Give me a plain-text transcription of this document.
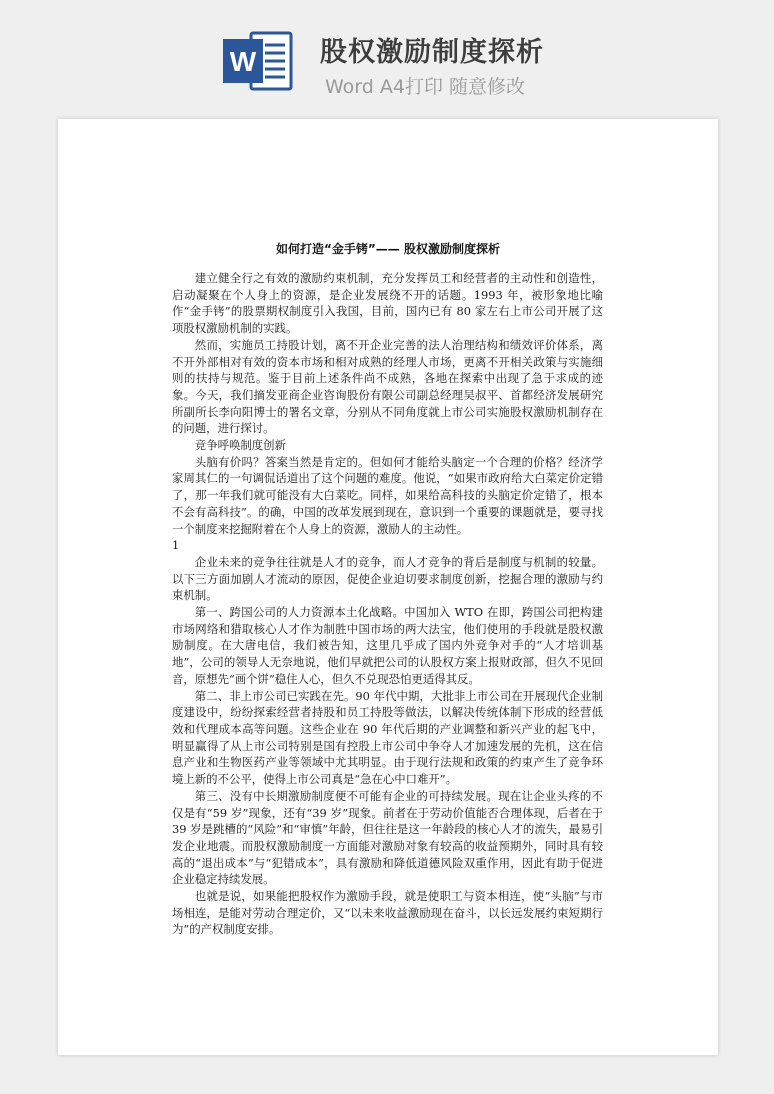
W 股权激励制度探析
Word A4打印 随意修改
如何打造“金手铐”—— 股权激励制度探析

建立健全行之有效的激励约束机制，充分发挥员工和经营者的主动性和创造性，启动凝聚在个人身上的资源，是企业发展绕不开的话题。1993 年，被形象地比喻作“金手铐”的股票期权制度引入我国，目前，国内已有 80 家左右上市公司开展了这项股权激励机制的实践。

然而，实施员工持股计划，离不开企业完善的法人治理结构和绩效评价体系，离不开外部相对有效的资本市场和相对成熟的经理人市场，更离不开相关政策与实施细则的扶持与规范。鉴于目前上述条件尚不成熟，各地在探索中出现了急于求成的迹象。今天，我们摘发亚商企业咨询股份有限公司副总经理吴叔平、首都经济发展研究所副所长李向阳博士的署名文章，分别从不同角度就上市公司实施股权激励机制存在的问题，进行探讨。

竞争呼唤制度创新

头脑有价吗？答案当然是肯定的。但如何才能给头脑定一个合理的价格？经济学家周其仁的一句调侃话道出了这个问题的难度。他说，“如果市政府给大白菜定价定错了，那一年我们就可能没有大白菜吃。同样，如果给高科技的头脑定价定错了，根本不会有高科技”。的确，中国的改革发展到现在，意识到一个重要的课题就是，要寻找一个制度来挖掘附着在个人身上的资源，激励人的主动性。

1

企业未来的竞争往往就是人才的竞争，而人才竞争的背后是制度与机制的较量。以下三方面加剧人才流动的原因，促使企业迫切要求制度创新，挖掘合理的激励与约束机制。

第一、跨国公司的人力资源本土化战略。中国加入 WTO 在即，跨国公司把构建市场网络和猎取核心人才作为制胜中国市场的两大法宝，他们使用的手段就是股权激励制度。在大唐电信，我们被告知，这里几乎成了国内外竞争对手的“人才培训基地”，公司的领导人无奈地说，他们早就把公司的认股权方案上报财政部，但久不见回音，原想先“画个饼”稳住人心，但久不兑现恐怕更适得其反。

第二、非上市公司已实践在先。90 年代中期，大批非上市公司在开展现代企业制度建设中，纷纷探索经营者持股和员工持股等做法，以解决传统体制下形成的经营低效和代理成本高等问题。这些企业在 90 年代后期的产业调整和新兴产业的起飞中，明显赢得了从上市公司特别是国有控股上市公司中争夺人才加速发展的先机，这在信息产业和生物医药产业等领域中尤其明显。由于现行法规和政策的约束产生了竞争环境上新的不公平，使得上市公司真是“急在心中口难开”。

第三、没有中长期激励制度便不可能有企业的可持续发展。现在让企业头疼的不仅是有“59 岁”现象，还有“39 岁”现象。前者在于劳动价值能否合理体现，后者在于 39 岁是跳槽的“风险”和“审慎”年龄，但往往是这一年龄段的核心人才的流失，最易引发企业地震。而股权激励制度一方面能对激励对象有较高的收益预期外，同时具有较高的“退出成本”与“犯错成本”，具有激励和降低道德风险双重作用，因此有助于促进企业稳定持续发展。

也就是说，如果能把股权作为激励手段，就是使职工与资本相连，使“头脑”与市场相连，是能对劳动合理定价，又“以未来收益激励现在奋斗，以长远发展约束短期行为”的产权制度安排。
